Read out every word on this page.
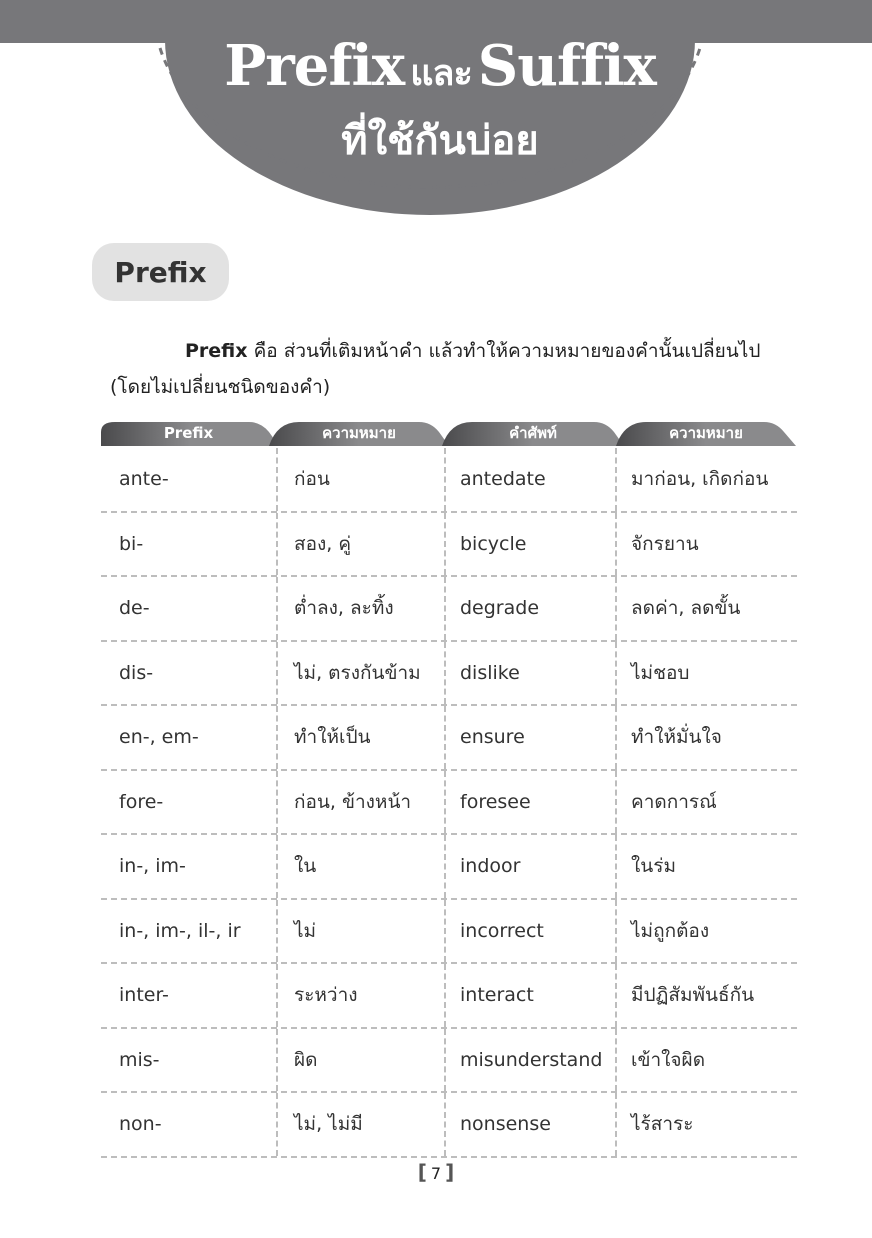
Prefix และ Suffix
ที่ใช้กันบ่อย
Prefix
Prefix คือ ส่วนที่เติมหน้าคำ แล้วทำให้ความหมายของคำนั้นเปลี่ยนไป (โดยไม่เปลี่ยนชนิดของคำ)
Prefix	ความหมาย	คำศัพท์	ความหมาย
ante-	ก่อน	antedate	มาก่อน, เกิดก่อน
bi-	สอง, คู่	bicycle	จักรยาน
de-	ต่ำลง, ละทิ้ง	degrade	ลดค่า, ลดขั้น
dis-	ไม่, ตรงกันข้าม	dislike	ไม่ชอบ
en-, em-	ทำให้เป็น	ensure	ทำให้มั่นใจ
fore-	ก่อน, ข้างหน้า	foresee	คาดการณ์
in-, im-	ใน	indoor	ในร่ม
in-, im-, il-, ir	ไม่	incorrect	ไม่ถูกต้อง
inter-	ระหว่าง	interact	มีปฏิสัมพันธ์กัน
mis-	ผิด	misunderstand	เข้าใจผิด
non-	ไม่, ไม่มี	nonsense	ไร้สาระ
[ 7 ]
